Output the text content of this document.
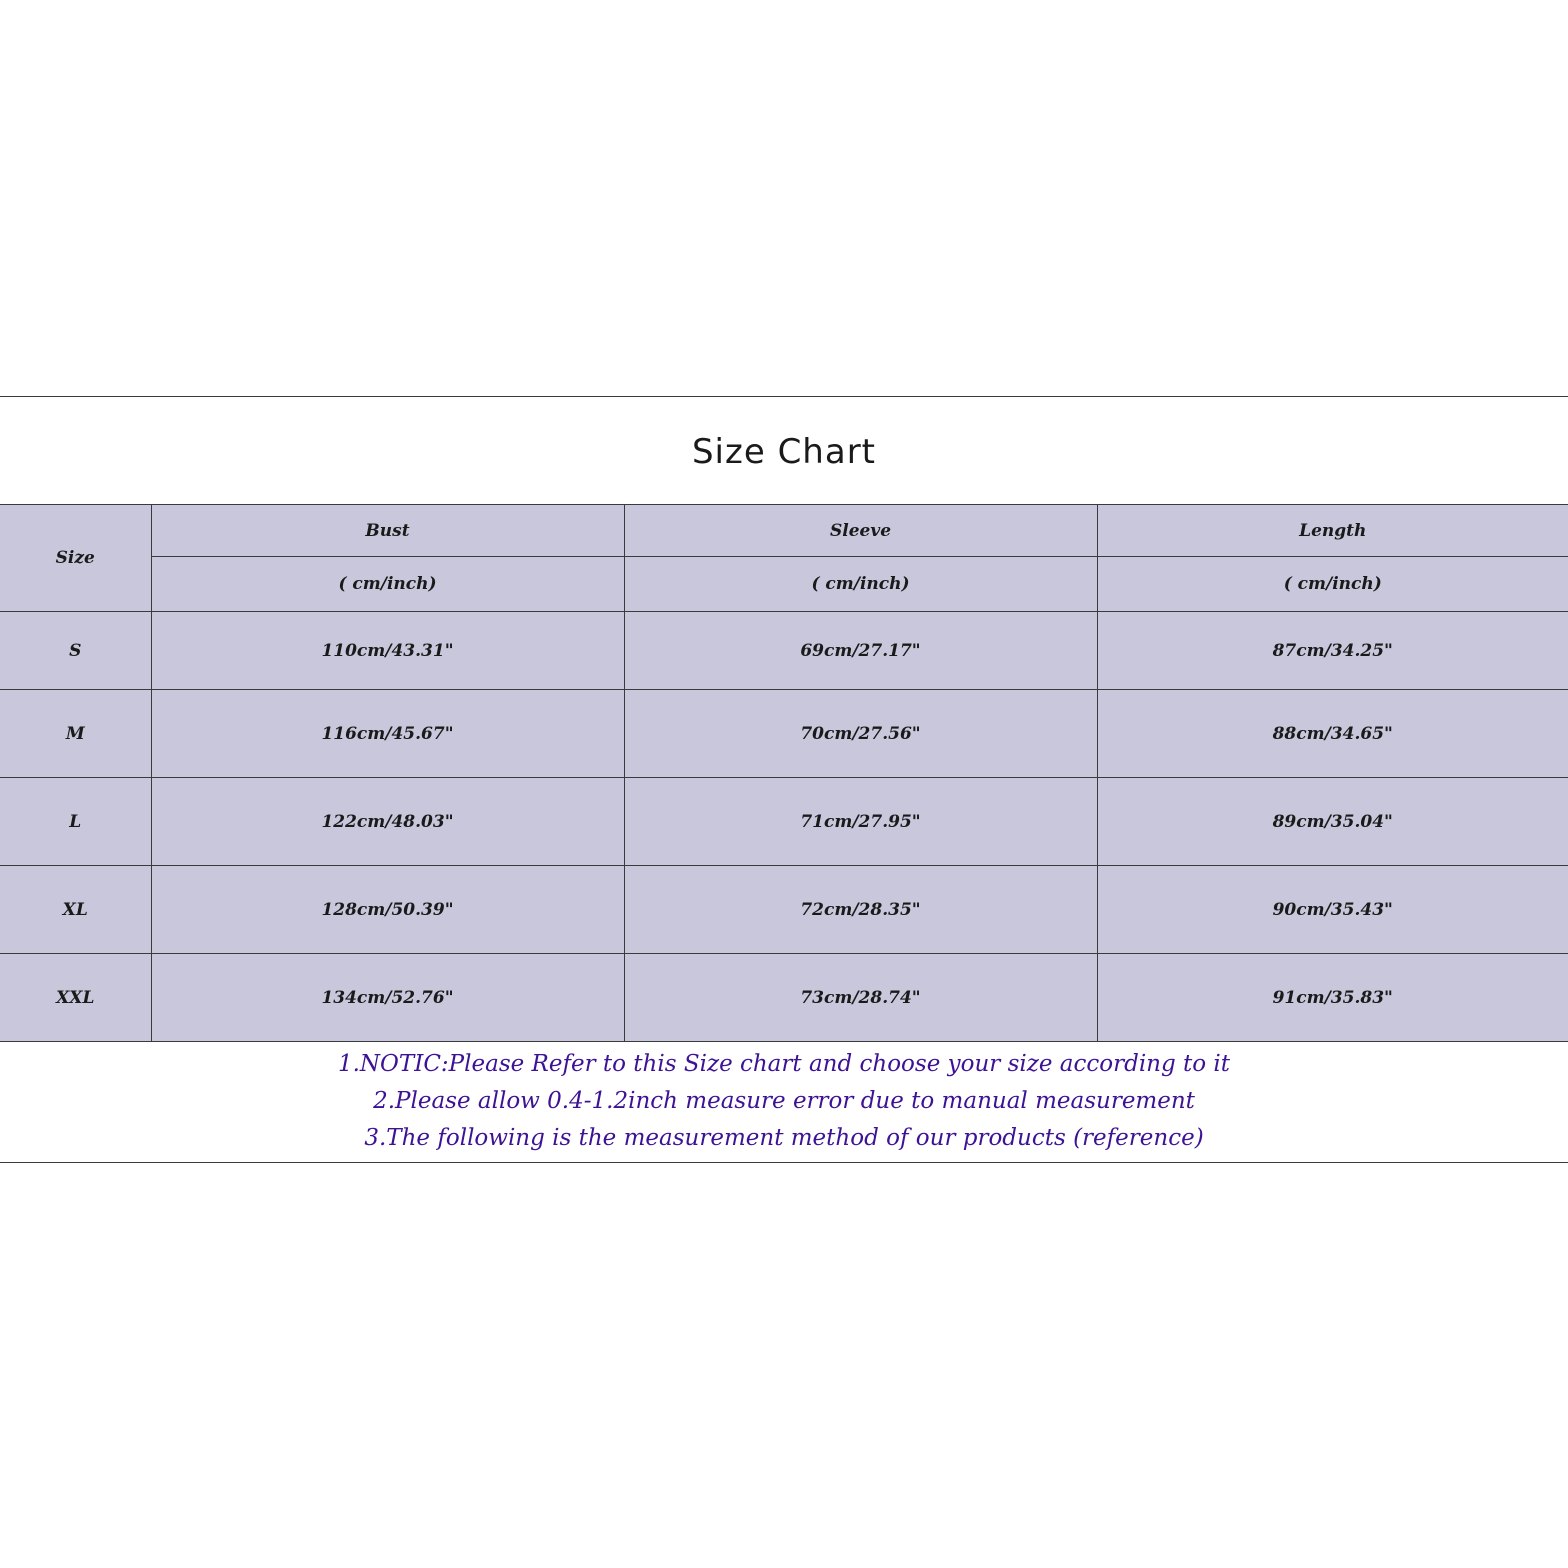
Size Chart
Size	Bust	Sleeve	Length
	( cm/inch)	( cm/inch)	( cm/inch)
S	110cm/43.31"	69cm/27.17"	87cm/34.25"
M	116cm/45.67"	70cm/27.56"	88cm/34.65"
L	122cm/48.03"	71cm/27.95"	89cm/35.04"
XL	128cm/50.39"	72cm/28.35"	90cm/35.43"
XXL	134cm/52.76"	73cm/28.74"	91cm/35.83"
1.NOTIC:Please Refer to this Size chart and choose your size according to it
2.Please allow 0.4-1.2inch measure error due to manual measurement
3.The following is the measurement method of our products (reference)
